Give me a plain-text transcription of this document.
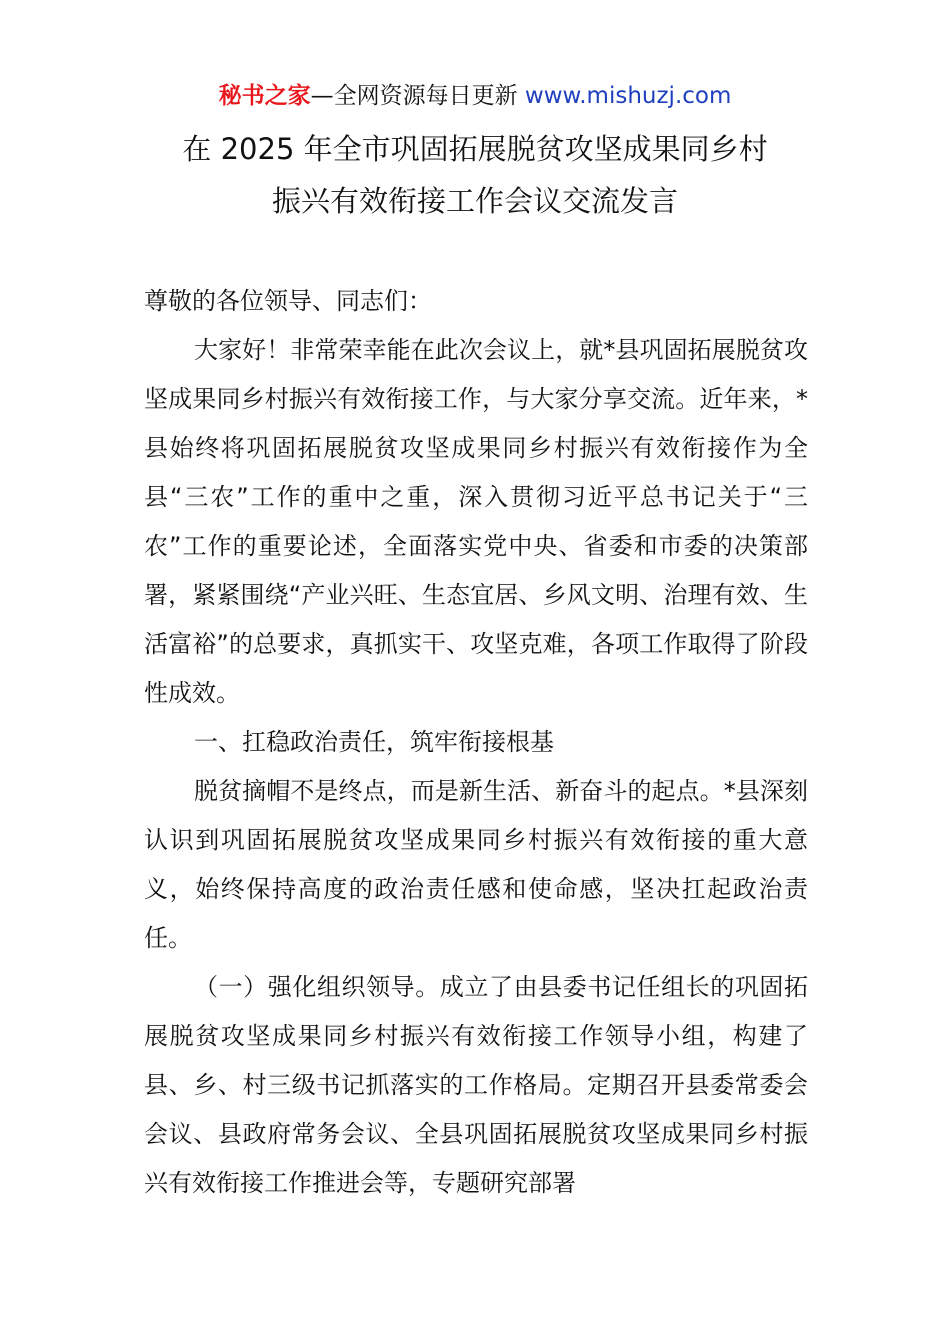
秘书之家—全网资源每日更新 www.mishuzj.com
在 2025 年全市巩固拓展脱贫攻坚成果同乡村
振兴有效衔接工作会议交流发言

尊敬的各位领导、同志们：

大家好！非常荣幸能在此次会议上，就*县巩固拓展脱贫攻坚成果同乡村振兴有效衔接工作，与大家分享交流。近年来，*县始终将巩固拓展脱贫攻坚成果同乡村振兴有效衔接作为全县“三农”工作的重中之重，深入贯彻习近平总书记关于“三农”工作的重要论述，全面落实党中央、省委和市委的决策部署，紧紧围绕“产业兴旺、生态宜居、乡风文明、治理有效、生活富裕”的总要求，真抓实干、攻坚克难，各项工作取得了阶段性成效。

一、扛稳政治责任，筑牢衔接根基

脱贫摘帽不是终点，而是新生活、新奋斗的起点。*县深刻认识到巩固拓展脱贫攻坚成果同乡村振兴有效衔接的重大意义，始终保持高度的政治责任感和使命感，坚决扛起政治责任。

（一）强化组织领导。成立了由县委书记任组长的巩固拓展脱贫攻坚成果同乡村振兴有效衔接工作领导小组，构建了县、乡、村三级书记抓落实的工作格局。定期召开县委常委会会议、县政府常务会议、全县巩固拓展脱贫攻坚成果同乡村振兴有效衔接工作推进会等，专题研究部署
